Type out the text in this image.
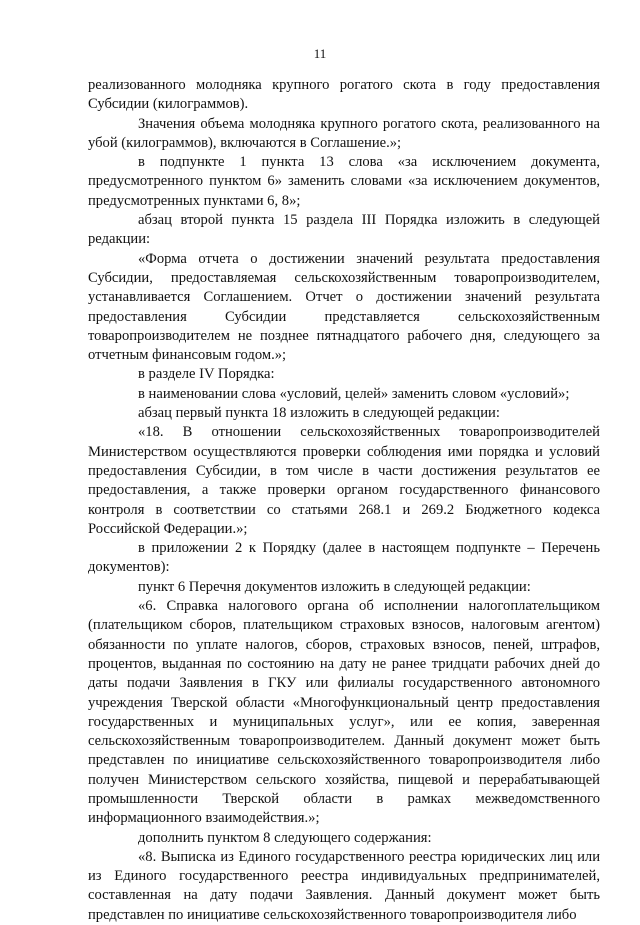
11

реализованного молодняка крупного рогатого скота в году предоставления Субсидии (килограммов).

Значения объема молодняка крупного рогатого скота, реализованного на убой (килограммов), включаются в Соглашение.»;

в подпункте 1 пункта 13 слова «за исключением документа, предусмотренного пунктом 6» заменить словами «за исключением документов, предусмотренных пунктами 6, 8»;

абзац второй пункта 15 раздела III Порядка изложить в следующей редакции:

«Форма отчета о достижении значений результата предоставления Субсидии, предоставляемая сельскохозяйственным товаропроизводителем, устанавливается Соглашением. Отчет о достижении значений результата предоставления Субсидии представляется сельскохозяйственным товаропроизводителем не позднее пятнадцатого рабочего дня, следующего за отчетным финансовым годом.»;

в разделе IV Порядка:

в наименовании слова «условий, целей» заменить словом «условий»;

абзац первый пункта 18 изложить в следующей редакции:

«18. В отношении сельскохозяйственных товаропроизводителей Министерством осуществляются проверки соблюдения ими порядка и условий предоставления Субсидии, в том числе в части достижения результатов ее предоставления, а также проверки органом государственного финансового контроля в соответствии со статьями 268.1 и 269.2 Бюджетного кодекса Российской Федерации.»;

в приложении 2 к Порядку (далее в настоящем подпункте – Перечень документов):

пункт 6 Перечня документов изложить в следующей редакции:

«6. Справка налогового органа об исполнении налогоплательщиком (плательщиком сборов, плательщиком страховых взносов, налоговым агентом) обязанности по уплате налогов, сборов, страховых взносов, пеней, штрафов, процентов, выданная по состоянию на дату не ранее тридцати рабочих дней до даты подачи Заявления в ГКУ или филиалы государственного автономного учреждения Тверской области «Многофункциональный центр предоставления государственных и муниципальных услуг», или ее копия, заверенная сельскохозяйственным товаропроизводителем. Данный документ может быть представлен по инициативе сельскохозяйственного товаропроизводителя либо получен Министерством сельского хозяйства, пищевой и перерабатывающей промышленности Тверской области в рамках межведомственного информационного взаимодействия.»;

дополнить пунктом 8 следующего содержания:

«8. Выписка из Единого государственного реестра юридических лиц или из Единого государственного реестра индивидуальных предпринимателей, составленная на дату подачи Заявления. Данный документ может быть представлен по инициативе сельскохозяйственного товаропроизводителя либо
